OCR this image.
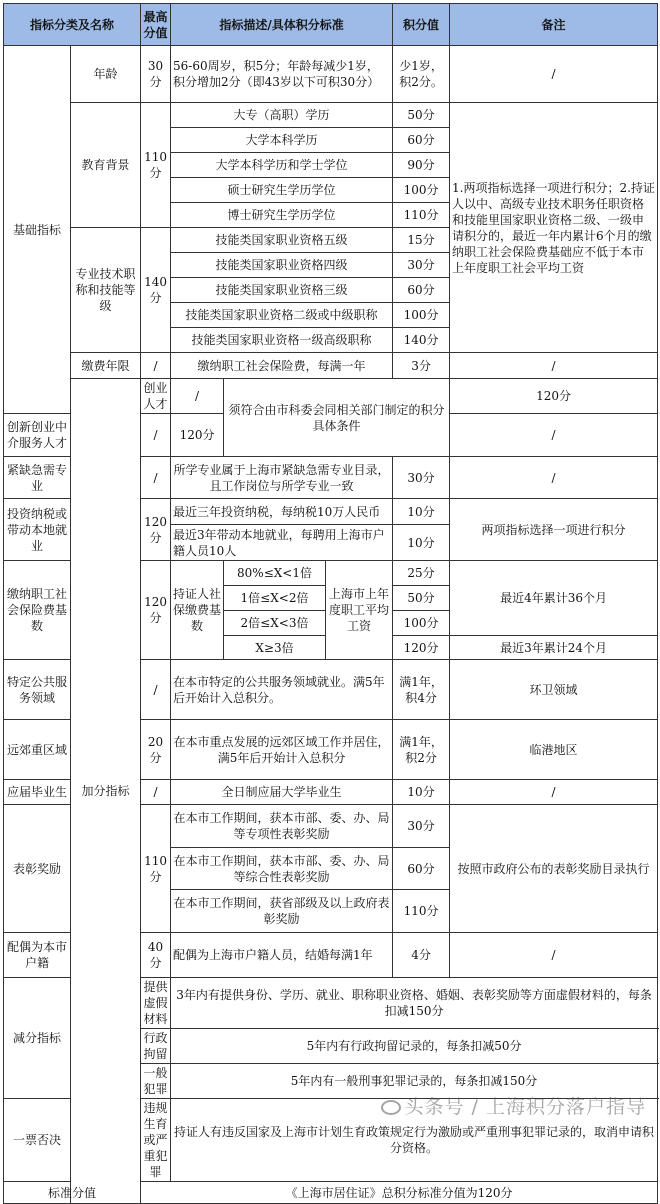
指标分类及名称		最高分值	指标描述/具体积分标准			积分值	备注	
基础指标	年龄	30分	56-60周岁，积5分；年龄每减少1岁，积分增加2分（即43岁以下可积30分）			少1岁，积2分。	/	
	教育背景	110分	大专（高职）学历			50分	1.两项指标选择一项进行积分；2.持证人以中、高级专业技术职务任职资格和技能里国家职业资格二级、一级申请积分的，最近一年内累计6个月的缴纳职工社会保险费基础应不低于本市上年度职工社会平均工资	
			大学本科学历			60分		
			大学本科学历和学士学位			90分		
			硕士研究生学历学位			100分		
			博士研究生学历学位			110分		
	专业技术职称和技能等级	140分	技能类国家职业资格五级			15分		
			技能类国家职业资格四级			30分		
			技能类国家职业资格三级			60分		
			技能类国家职业资格二级或中级职称			100分		
			技能类国家职业资格一级高级职称			140分		
	缴费年限	/	缴纳职工社会保险费，每满一年			3分	/	
	加分指标	创业人才	/	须符合由市科委会同相关部门制定的积分具体条件			120分	
创新创业中介服务人才		/	120分				/	
紧缺急需专业		/	所学专业属于上海市紧缺急需专业目录，且工作岗位与所学专业一致			30分	/	
投资纳税或带动本地就业		120分	最近三年投资纳税，每纳税10万人民币			10分	两项指标选择一项进行积分	
			最近3年带动本地就业，每聘用上海市户籍人员10人			10分		
缴纳职工社会保险费基数		120分	持证人社保缴费基数	80%≤X<1倍	上海市上年度职工平均工资	25分	最近4年累计36个月	
				1倍≤X<2倍		50分		
				2倍≤X<3倍		100分		
				X≥3倍		120分	最近3年累计24个月	
特定公共服务领域		/	在本市特定的公共服务领域就业。满5年后开始计入总积分。			满1年，积4分	环卫领域	
远郊重区域		20分	在本市重点发展的远郊区域工作并居住，满5年后开始计入总积分			满1年，积2分	临港地区	
应届毕业生		/	全日制应届大学毕业生			10分	/	
表彰奖励		110分	在本市工作期间，获本市部、委、办、局等专项性表彰奖励			30分	按照市政府公布的表彰奖励目录执行	
			在本市工作期间，获本市部、委、办、局等综合性表彰奖励			60分		
			在本市工作期间，获省部级及以上政府表彰奖励			110分		
配偶为本市户籍		40分	配偶为上海市户籍人员，结婚每满1年			4分	/	
减分指标		提供虚假材料	3年内有提供身份、学历、就业、职称职业资格、婚姻、表彰奖励等方面虚假材料的，每条扣减150分					
		行政拘留	5年内有行政拘留记录的，每条扣减50分					
		一般犯罪	5年内有一般刑事犯罪记录的，每条扣减150分					
一票否决		违规生育或严重犯罪	持证人有违反国家及上海市计划生育政策规定行为激励或严重刑事犯罪记录的，取消申请积分资格。					
标准分值		《上海市居住证》总积分标准分值为120分						
头条号 / 上海积分落户指导
